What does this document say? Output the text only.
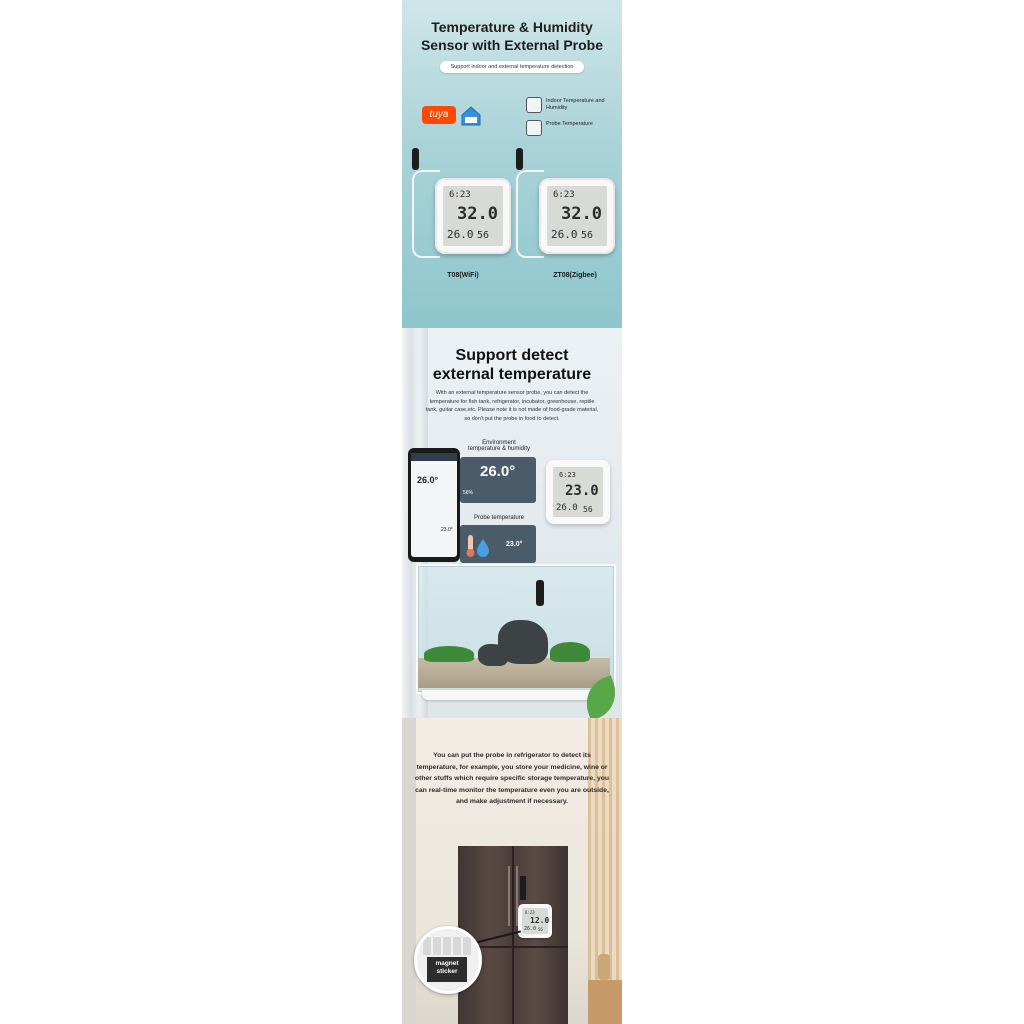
Temperature & Humidity
Sensor with External Probe
Support indoor and external temperature detection
tuya
Indoor Temperature and Humidity
Probe Temperature
6:23
32.0
26.0 56
T08(WiFi)
6:23
32.0
26.0 56
ZT08(Zigbee)
Support detect
external temperature
With an external temperature sensor probe, you can detect the temperature for fish tank, refrigerator, incubator, greenhouse, reptile tank, guitar case,etc. Please note it is not made of food-grade material, so don't put the probe in food to detect.
26.0°
23.0°
Environment
temperature & humidity
26.0°
56%
Probe temperature
23.0°
6:23
23.0
26.0 56
You can put the probe in refrigerator to detect its temperature, for example, you store your medicine, wine or other stuffs which require specific storage temperature, you can real-time monitor the temperature even you are outside, and make adjustment if necessary.
6:23
12.0
26.0 56
magnet
sticker
